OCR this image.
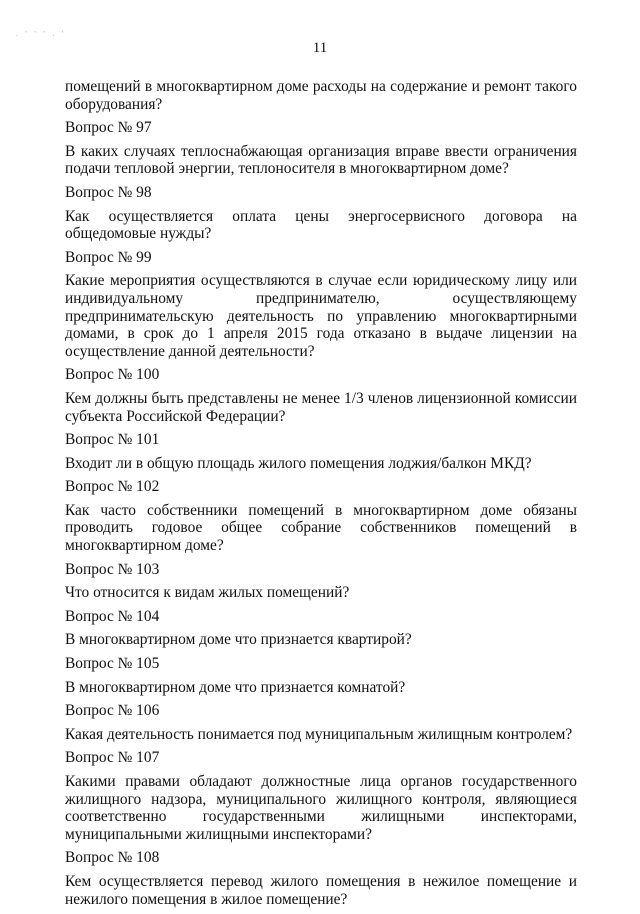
. ' ' ' . '
11

помещений в многоквартирном доме расходы на содержание и ремонт такого оборудования?

Вопрос № 97

В каких случаях теплоснабжающая организация вправе ввести ограничения подачи тепловой энергии, теплоносителя в многоквартирном доме?

Вопрос № 98

Как осуществляется оплата цены энергосервисного договора на общедомовые нужды?

Вопрос № 99

Какие мероприятия осуществляются в случае если юридическому лицу или индивидуальному предпринимателю, осуществляющему предпринимательскую деятельность по управлению многоквартирными домами, в срок до 1 апреля 2015 года отказано в выдаче лицензии на осуществление данной деятельности?

Вопрос № 100

Кем должны быть представлены не менее 1/3 членов лицензионной комиссии субъекта Российской Федерации?

Вопрос № 101

Входит ли в общую площадь жилого помещения лоджия/балкон МКД?

Вопрос № 102

Как часто собственники помещений в многоквартирном доме обязаны проводить годовое общее собрание собственников помещений в многоквартирном доме?

Вопрос № 103

Что относится к видам жилых помещений?

Вопрос № 104

В многоквартирном доме что признается квартирой?

Вопрос № 105

В многоквартирном доме что признается комнатой?

Вопрос № 106

Какая деятельность понимается под муниципальным жилищным контролем?

Вопрос № 107

Какими правами обладают должностные лица органов государственного жилищного надзора, муниципального жилищного контроля, являющиеся соответственно государственными жилищными инспекторами, муниципальными жилищными инспекторами?

Вопрос № 108

Кем осуществляется перевод жилого помещения в нежилое помещение и нежилого помещения в жилое помещение?
